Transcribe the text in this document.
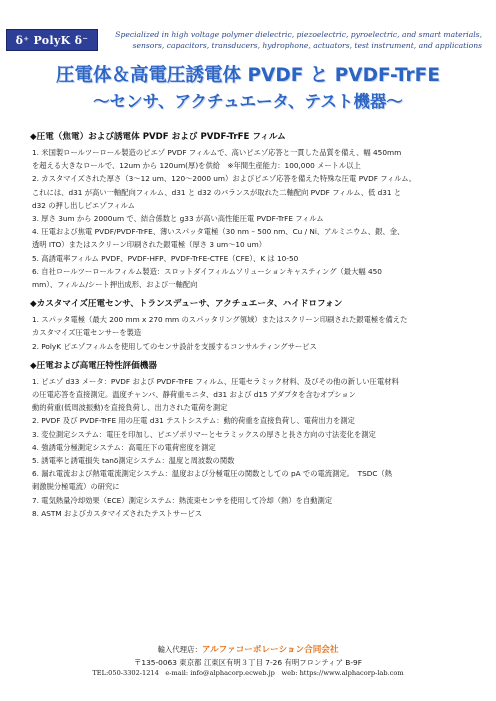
δ⁺ PolyK δ⁻	Specialized in high voltage polymer dielectric, piezoelectric, pyroelectric, and smart materials, sensors, capacitors, transducers, hydrophone, actuators, test instrument, and applications
圧電体＆高電圧誘電体 PVDF と PVDF-TrFE
～センサ、アクチュエータ、テスト機器～
◆圧電（焦電）および誘電体 PVDF および PVDF-TrFE フィルム
1. 米国製ロールツーロール製造のピエゾ PVDF フィルムで、高いピエゾ応答と一貫した品質を備え、幅 450mm
を超える大きなロールで、12um から 120um(厚)を供給　※年間生産能力：100,000 メートル以上
2. カスタマイズされた厚さ（3～12 um、120～2000 um）およびピエゾ応答を備えた特殊な圧電 PVDF フィルム。
これには、d31 が高い一軸配向フィルム、d31 と d32 のバランスが取れた二軸配向 PVDF フィルム、低 d31 と
d32 の押し出しピエゾフィルム
3. 厚さ 3um から 2000um で、結合係数と g33 が高い高性能圧電 PVDF-TrFE フィルム
4. 圧電および焦電 PVDF/PVDF-TrFE、薄いスパッタ電極（30 nm – 500 nm、Cu / Ni、アルミニウム、銀、金、
透明 ITO）またはスクリーン印刷された銀電極（厚さ 3 um～10 um）
5. 高誘電率フィルム PVDF、PVDF-HFP、PVDF-TrFE-CTFE（CFE）、K は 10-50
6. 自社ロールツーロールフィルム製造：スロットダイフィルムソリューションキャスティング（最大幅 450
mm）、フィルム/シート押出成形、および一軸配向
◆カスタマイズ圧電センサ、トランスデューサ、アクチュエータ、ハイドロフォン
1. スパッタ電極（最大 200 mm x 270 mm のスパッタリング領域）またはスクリーン印刷された銀電極を備えた
カスタマイズ圧電センサーを製造
2. PolyK ピエゾフィルムを使用してのセンサ設計を支援するコンサルティングサービス
◆圧電および高電圧特性評価機器
1. ピエゾ d33 メータ：PVDF および PVDF-TrFE フィルム、圧電セラミック材料、及びその他の新しい圧電材料
の圧電応答を直接測定。温度チャンバ、静荷重モニタ、d31 および d15 アダプタを含むオプション
動的荷重(低周波振動)を直接負荷し、出力された電荷を測定
2. PVDF 及び PVDF-TrFE 用の圧電 d31 テストシステム：動的荷重を直接負荷し、電荷出力を測定
3. 変位測定システム：電圧を印加し、ピエゾポリマーとセラミックスの厚さと長さ方向の寸法変化を測定
4. 強誘電分極測定システム：高電圧下の電荷密度を測定
5. 誘電率と誘電損失 tanδ測定システム：温度と周波数の関数
6. 漏れ電流および熱電電流測定システム：温度および分極電圧の関数としての pA での電流測定。　TSDC（熱
刺激脱分極電流）の研究に
7. 電気熱量冷却効果（ECE）測定システム：熱流束センサを使用して冷却（熱）を自動測定
8. ASTM およびカスタマイズされたテストサービス
輸入代理店：アルファコーポレーション合同会社
〒135-0063 東京都 江東区有明３丁目 7-26 有明フロンティア B-9F
TEL:050-3302-1214　e-mail: info@alphacorp.ecweb.jp　web: https://www.alphacorp-lab.com
